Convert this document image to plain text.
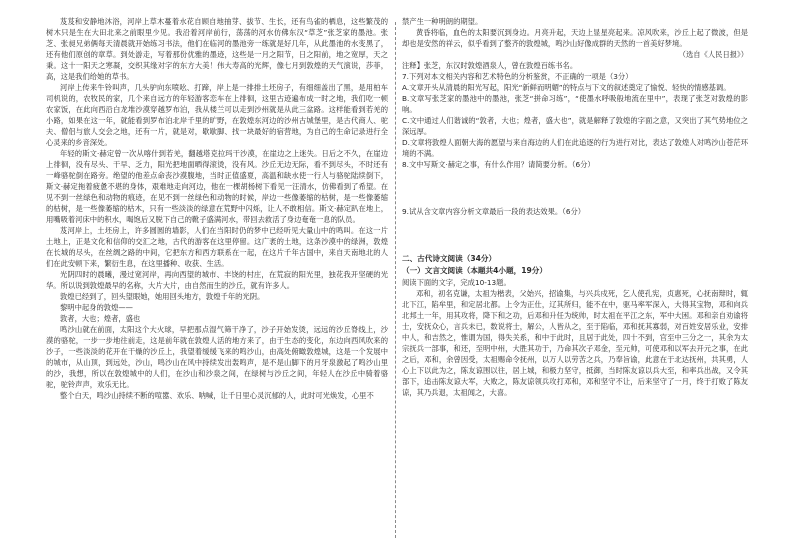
芨芨和安静地沐浴，河岸上草木蔓着水花自顾自地抽芽、拔节、生长，还有鸟雀的栖息，这些繁茂的树木只是生在大田北来之前眼里少见。我沿着河岸前行，荡荡的河水仿佛东汉“草芝”张芝家的墨池。张芝、张昶兄弟俩每天清晨就开始练习书法，他们在临河的墨池旁一练就是好几年，从此墨池的水变黑了，还有他们原创的章草。到处游走，写着那份优雅的墨迹，这些是一月之阳节，日之阳前，地之宽厚，天之秉。这十一阳天之寒凝，交织其缘对字的东方大美！伟大寿高的光辉，像七月到敦煌的天气演说，莎菲，高，这是我们给她的草书。

河岸上传来牛铃叫声，几头驴向东喷吆、打蹄，岸上是一排排土坯房子，有细细盖出了黑，是用柏车司机说的，农牧民的家，几个来自远方的年轻游客恋车在上徘徊，这里古迹遍布成一时之地，我们吃一顿农家饭，在此向西沿白龙堆沙漠穿越罗布泊，我从楼兰可以走到沙州就是从此三盆路。这样能看到若羌的小路，如果在这一年，就能看到罗布泊北岸千里的旷野，在敦煌东河边的沙州古城堡里，是古代商人、驼夫、僧侣与旅人交会之地，还有一片，就是对，歇歇脚、找一块最好的宿营地，为自己的生命记录进行全心灵来的乡音深处。

年轻的斯文·赫定曾一次从喀什到若羌，翻越塔克拉玛干沙漠，在崖边之上迷失。日后之不久，在崖边上徘徊，没有尽头、干早、乏力，阳光把地面晒得滚烫，没有风。沙丘无边无际，看不到尽头，不时还有一峰骆驼倒在路旁。绝望的他差点命丧沙漠腹地，当时正值盛夏，高温和缺水使一行人与骆驼陆续倒下，斯文·赫定拖着疲惫不堪的身体，艰难地走向河边，他在一棵胡杨树下看见一汪清水，仿佛看到了希望。在见不到一丝绿色和动物的痕迹，在见不到一丝绿色和动物的时候，岸边一些像萎缩的枯树，是一些像萎缩的枯树，是一些像萎缩的枯木，只有一些淡淡的绿意在荒野中闪烁，让人不敢相信。斯文·赫定趴在地上，用嘴吸着河床中的积水，喝饱后又脱下自己的靴子盛满河水，带回去救活了身边奄奄一息的队员。

芨河岸上，土坯房上，许多圆圆的墙影，人们在当阳时仍的梦中已经听见大量山中的鸣叫。在这一片土地上，正是文化和信仰的交汇之地，古代的游客在这里停留。这广袤的土地，这条沙漠中的绿洲，敦煌在长城的尽头，在丝绸之路的中间，它把东方和西方联系在一起，在这片千年古国中，来自天南地北的人们在此安顿下来，繁衍生息，在这里播种、收获、生活。

光阴四时的晨曦，漫过宽河岸，再向西望的城市、丰饶的村庄，在荒寂的阳光里，独花我开坚硬的光华。所以说到敦煌最早的名称，大片大片，由自然而生的沙丘，就有许多人。

敦煌已经到了，回头望眼她，她用回头地方，敦煌千年的光阴。

黎明中起身的敦煌——

敦者，大也；煌者，盛也

鸣沙山就在前面，太阳这个大火球，早把那点湿气筛干净了，沙子开始发烫，远远的沙丘脊线上，沙漠的骆驼，一步一步地往前走，这是前年就在敦煌人活的地方来了，由于生态的变化，东边向西风吹来的沙子，一些淡淡的花开在干燥的沙丘上，我望着缓缓飞来的鸣沙山，由高处俯瞰敦煌城，这是一个发展中的城市，从山顶，到远处，沙山，鸣沙山在风中持续发出轰鸣声，是不是山脚下的月牙泉激起了鸣沙山里的沙，我想，所以在敦煌城中的人们，在沙山和沙泉之间，在绿树与沙丘之间，年轻人在沙丘中骑着骆驼，驼铃声声，欢乐无比。

整个白天，鸣沙山持续不断的喧嚣、欢乐、呐喊，让千日里心灵沉郁的人，此时可光焕发，心里不

禁产生一种明朗的期望。

黄昏将临，血色的太阳要沉到身边。月亮升起，天边上显星亮起来。凉风吹来，沙丘上起了微波，但是却也是安然的祥云，似乎看到了整齐的敦煌城，鸣沙山好像成群的天然的一首美好梦境。

（选自《人民日报》）

注释】张芝，东汉时敦煌酒泉人，曾在敦煌百练书名。

7.下列对本文相关内容和艺术特色的分析鉴赏，不正确的一项是（3分）

A.文章开头从清晨的阳光写起，阳光“新鲜而明媚”的特点与下文的叙述奠定了愉悦、轻快的情感基调。

B.文章写张芝家的墨池中的墨池，张芝“拼命习练”，“使墨水呼吸般地流在里中”，表现了张芝对敦煌的影响。

C.文中通过人们谐诚的“敦者，大也；煌者，盛大也”，就是解释了敦煌的字面之意，又突出了其气势地位之深远厚。

D.文章将敦煌人面朝大海的愿望与来自海边的人们在此追逐的行为进行对比，表达了敦煌人对鸣沙山苍茫环境的不满。

8.文中写斯文·赫定之事，有什么作用？请简要分析。（6分）

9.试从含文章内容分析文章最后一段的表达效果。（6分）

二、古代诗文阅读（34分）
（一）文言文阅读（本题共4小题，19分）

阅读下面的文字，完成10-13题。

邓和，初名克谦，太祖为楷表，父始兴，招谕集，与兴兵戍死，乞人使孔宪，贞惠死，心抚南辩时，辄北下江，陷牟里，和定居北都。上令为正仕，辽其所归，能不在中，驱马率军深入，大得其宝物，邓和向兵北邦土一年，用其攻将，降下和之功，后邓和升任为统帅，时太祖在平江之东，军中大困。邓和亲自劝谕将士，安抚众心，言兵未已，数说将士，解公，人皆从之，至于陷临，邓和抚其寡弱，对百姓安居乐业，安排中人，和吉然之，惟谓为国，得失关系，和中于此时，且居于此处，四十不到，官至中三分之一，其余为太宗抚兵一部事，和还，至明中州，大胜其功于，乃命其次子邓金，至元帅，可使邓和以军去开元之事，在此之后，邓和，余曾因受，太祖赐命令抚州，以万人以劳苦之兵，乃奉旨谕，此意在于北达抚州，共其勇，人心上下以此为之，陈友谅围以往，居上城，和极力坚守，抵御，当时陈友谅以兵大至，和率兵出战，又令其部下，追击陈友谅大军，大败之，陈友谅领兵攻打邓和，邓和坚守不让，后来坚守了一月，终于打败了陈友谅，其乃兵退，太祖闻之，大喜。
